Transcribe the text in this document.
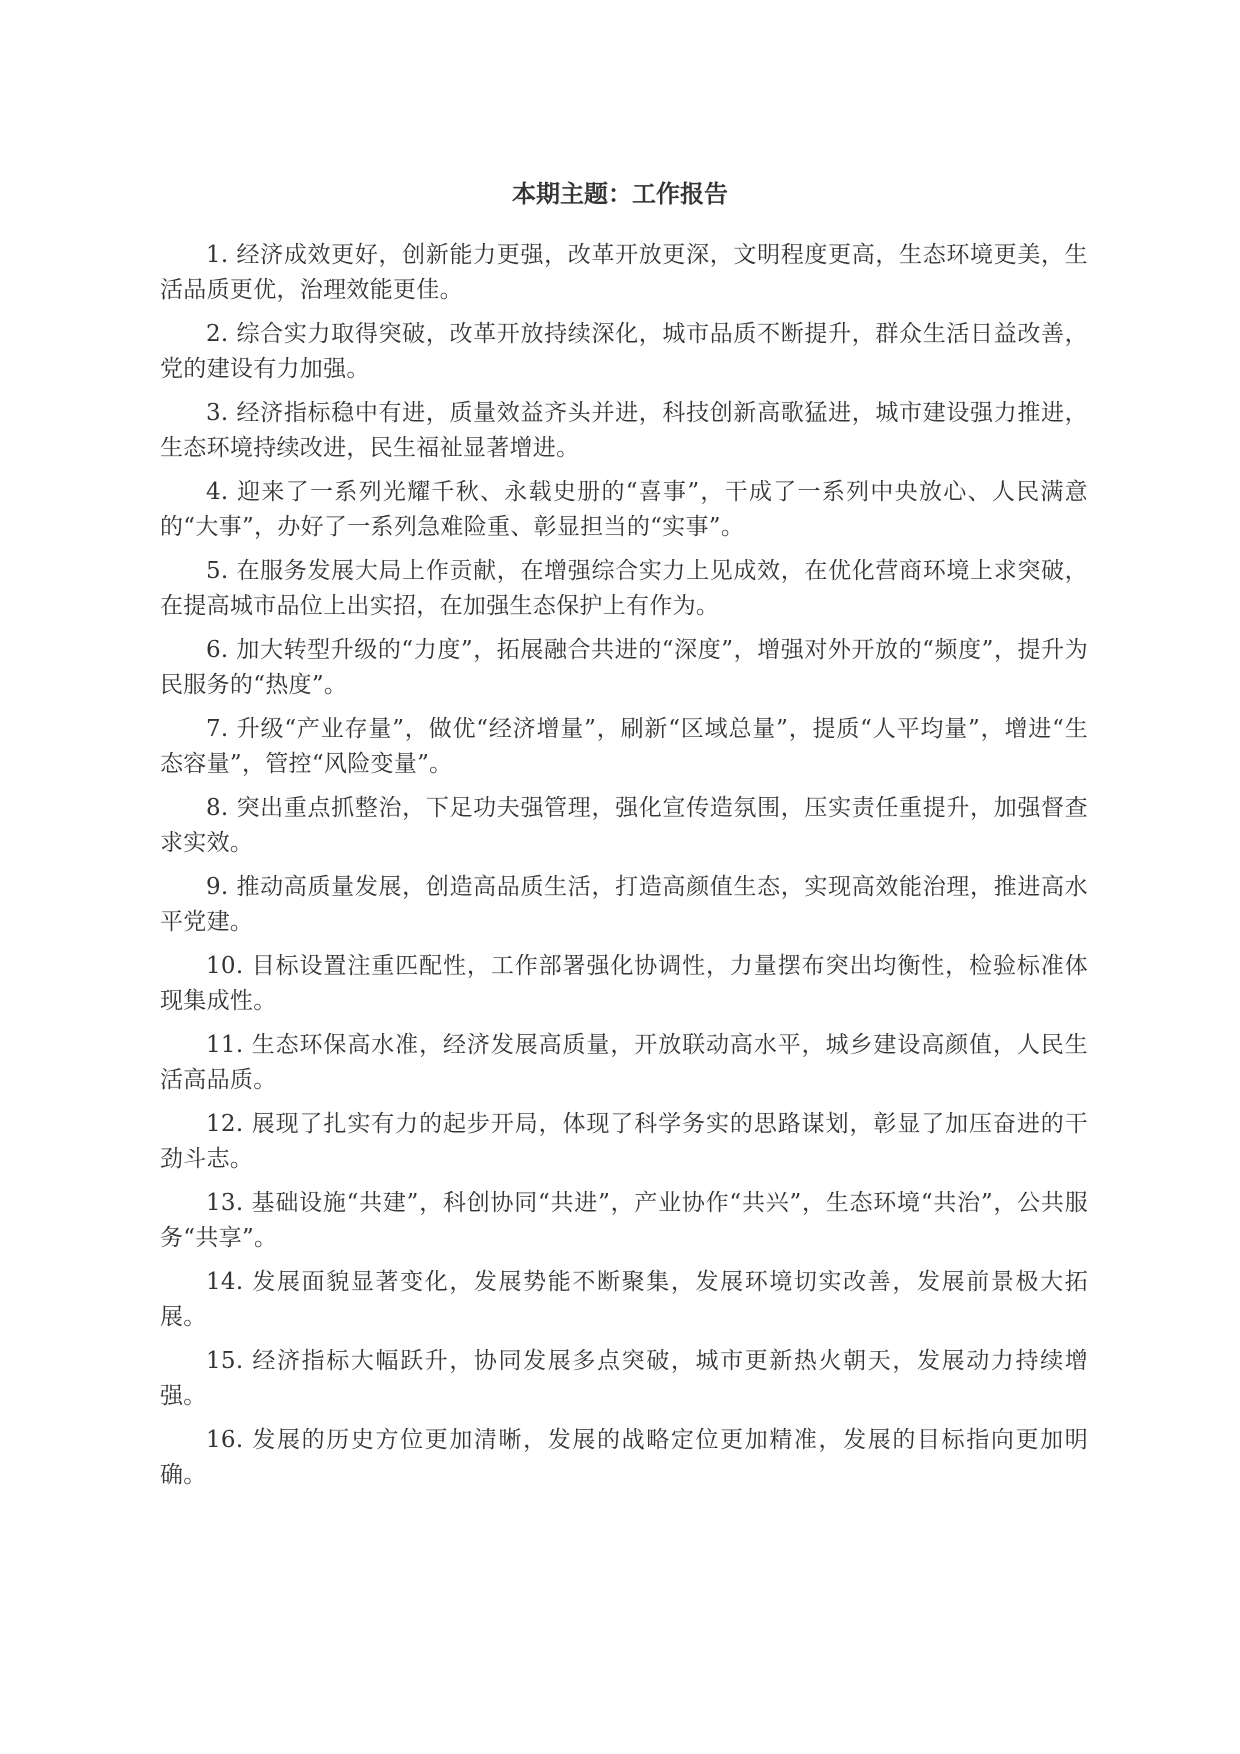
本期主题：工作报告

1. 经济成效更好，创新能力更强，改革开放更深，文明程度更高，生态环境更美，生活品质更优，治理效能更佳。

2. 综合实力取得突破，改革开放持续深化，城市品质不断提升，群众生活日益改善，党的建设有力加强。

3. 经济指标稳中有进，质量效益齐头并进，科技创新高歌猛进，城市建设强力推进，生态环境持续改进，民生福祉显著增进。

4. 迎来了一系列光耀千秋、永载史册的“喜事”，干成了一系列中央放心、人民满意的“大事”，办好了一系列急难险重、彰显担当的“实事”。

5. 在服务发展大局上作贡献，在增强综合实力上见成效，在优化营商环境上求突破，在提高城市品位上出实招，在加强生态保护上有作为。

6. 加大转型升级的“力度”，拓展融合共进的“深度”，增强对外开放的“频度”，提升为民服务的“热度”。

7. 升级“产业存量”，做优“经济增量”，刷新“区域总量”，提质“人平均量”，增进“生态容量”，管控“风险变量”。

8. 突出重点抓整治，下足功夫强管理，强化宣传造氛围，压实责任重提升，加强督查求实效。

9. 推动高质量发展，创造高品质生活，打造高颜值生态，实现高效能治理，推进高水平党建。

10. 目标设置注重匹配性，工作部署强化协调性，力量摆布突出均衡性，检验标准体现集成性。

11. 生态环保高水准，经济发展高质量，开放联动高水平，城乡建设高颜值，人民生活高品质。

12. 展现了扎实有力的起步开局，体现了科学务实的思路谋划，彰显了加压奋进的干劲斗志。

13. 基础设施“共建”，科创协同“共进”，产业协作“共兴”，生态环境“共治”，公共服务“共享”。

14. 发展面貌显著变化，发展势能不断聚集，发展环境切实改善，发展前景极大拓展。

15. 经济指标大幅跃升，协同发展多点突破，城市更新热火朝天，发展动力持续增强。

16. 发展的历史方位更加清晰，发展的战略定位更加精准，发展的目标指向更加明确。
